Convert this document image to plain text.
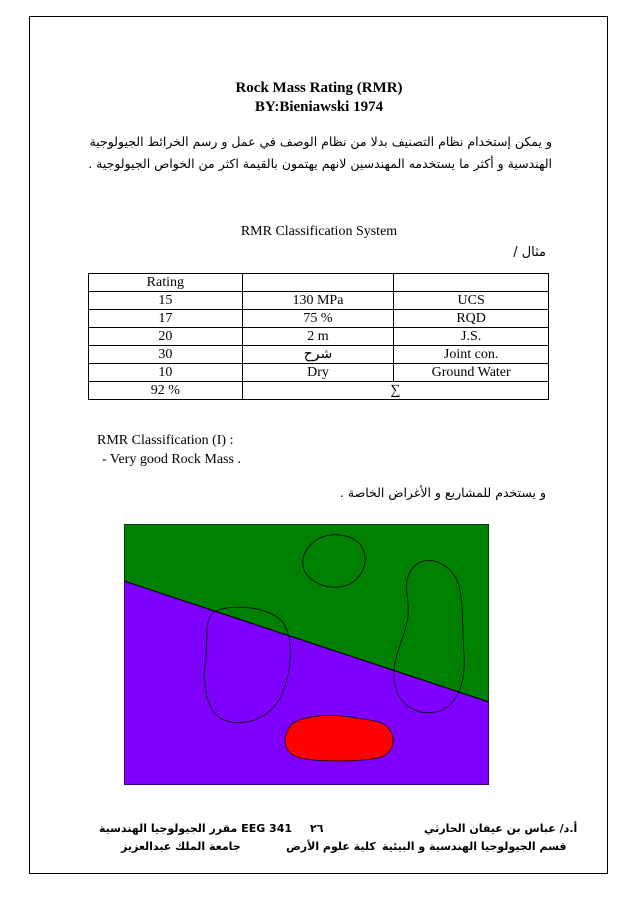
Rock Mass Rating (RMR)
BY:Bieniawski 1974
و يمكن إستخدام نظام التصنيف بدلا من نظام الوصف في عمل و رسم الخرائط الجيولوجية
الهندسية و أكثر ما يستخدمه المهندسين لانهم يهتمون بالقيمة اكثر من الخواص الجيولوجية .
RMR Classification System
مثال /
Rating		
15	130 MPa	UCS
17	75 %	RQD
20	2 m	J.S.
30	شرح	Joint con.
10	Dry	Ground Water
92 %	∑	
RMR Classification (I) :
- Very good Rock Mass .
و يستخدم للمشاريع و الأغراض الخاصة .
مقرر الجيولوجيا الهندسية EEG 341
جامعة الملك عبدالعزيز
٢٦
كلية علوم الأرض
أ.د/ عباس بن عيفان الحارثي
قسم الجيولوجيا الهندسية و البيئية
